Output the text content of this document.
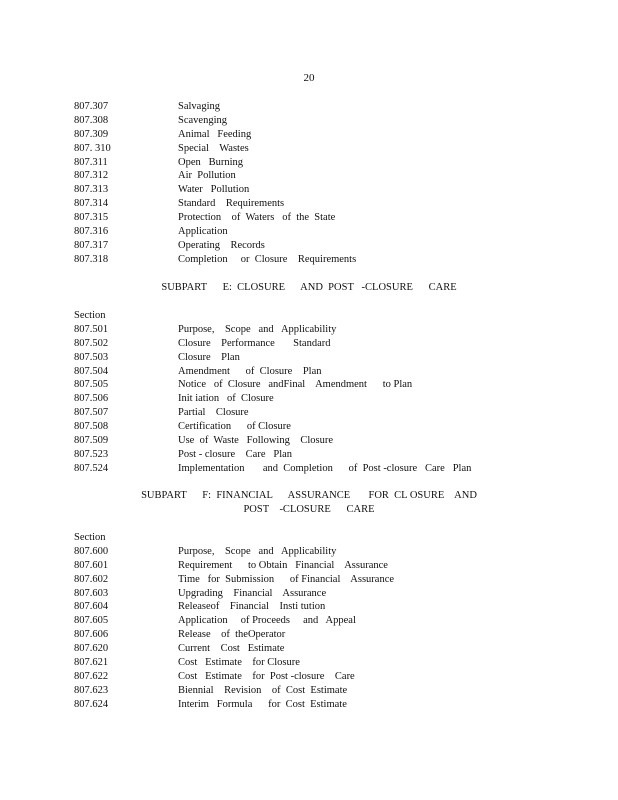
20
807.307	Salvaging
807.308	Scavenging
807.309	Animal   Feeding
807. 310	Special    Wastes
807.311	Open   Burning
807.312	Air  Pollution
807.313	Water   Pollution
807.314	Standard    Requirements
807.315	Protection    of  Waters   of  the  State
807.316	Application
807.317	Operating    Records
807.318	Completion     or  Closure    Requirements
SUBPART      E:  CLOSURE      AND  POST   -CLOSURE      CARE
Section
807.501	Purpose,    Scope   and   Applicability
807.502	Closure    Performance       Standard
807.503	Closure    Plan
807.504	Amendment      of  Closure    Plan
807.505	Notice   of  Closure   andFinal    Amendment      to Plan
807.506	Init iation   of  Closure
807.507	Partial    Closure
807.508	Certification      of Closure
807.509	Use  of  Waste   Following    Closure
807.523	Post - closure    Care   Plan
807.524	Implementation       and  Completion      of  Post -closure   Care   Plan
SUBPART      F:  FINANCIAL      ASSURANCE       FOR  CL OSURE    AND
POST    -CLOSURE      CARE
Section
807.600	Purpose,    Scope   and   Applicability
807.601	Requirement      to Obtain   Financial    Assurance
807.602	Time   for  Submission      of Financial    Assurance
807.603	Upgrading    Financial    Assurance
807.604	Releaseof    Financial    Insti tution
807.605	Application     of Proceeds     and   Appeal
807.606	Release    of  theOperator
807.620	Current    Cost   Estimate
807.621	Cost   Estimate    for Closure
807.622	Cost   Estimate    for  Post -closure    Care
807.623	Biennial    Revision    of  Cost  Estimate
807.624	Interim   Formula      for  Cost  Estimate
